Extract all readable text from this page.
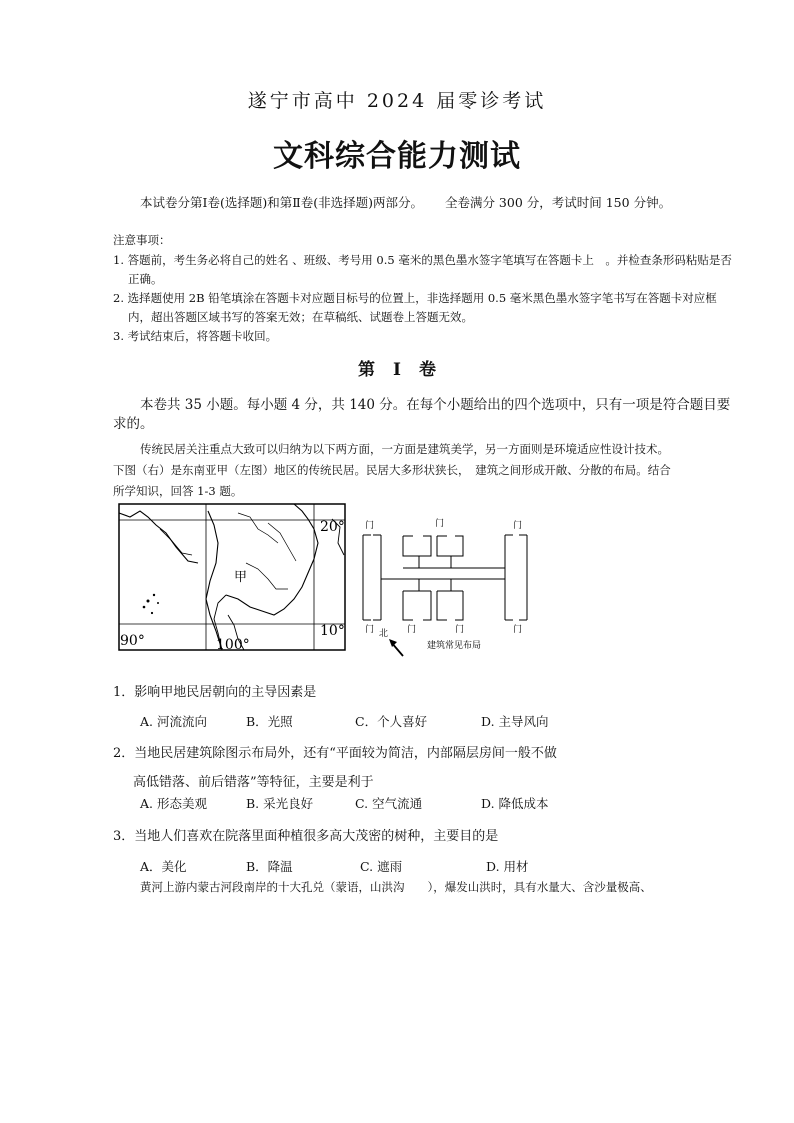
遂宁市高中 2024 届零诊考试
文科综合能力测试
本试卷分第Ⅰ卷(选择题)和第Ⅱ卷(非选择题)两部分。 全卷满分 300 分，考试时间 150 分钟。
注意事项：
1. 答题前，考生务必将自己的姓名 、班级、考号用 0.5 毫米的黑色墨水签字笔填写在答题卡上　。并检查条形码粘贴是否
正确。
2. 选择题使用 2B 铅笔填涂在答题卡对应题目标号的位置上，非选择题用 0.5 毫米黑色墨水签字笔书写在答题卡对应框
内，超出答题区域书写的答案无效；在草稿纸、试题卷上答题无效。
3. 考试结束后，将答题卡收回。
第 Ⅰ 卷
本卷共 35 小题。每小题 4 分，共 140 分。在每个小题给出的四个选项中，只有一项是符合题目要
求的。
传统民居关注重点大致可以归纳为以下两方面，一方面是建筑美学，另一方面则是环境适应性设计技术。
下图（右）是东南亚甲（左图）地区的传统民居。民居大多形状狭长，　建筑之间形成开敞、分散的布局。结合
所学知识，回答 1-3 题。
甲
20°
10°
90°	100°
门	门	门
门	门	门	门
北
建筑常见布局
1．影响甲地民居朝向的主导因素是
A. 河流流向	B．光照	C．个人喜好	D. 主导风向
2．当地民居建筑除图示布局外，还有“平面较为简洁，内部隔层房间一般不做
高低错落、前后错落”等特征，主要是利于
A. 形态美观	B. 采光良好	C. 空气流通	D. 降低成本
3．当地人们喜欢在院落里面种植很多高大茂密的树种，主要目的是
A．美化	B．降温	C. 遮雨	D. 用材
黄河上游内蒙古河段南岸的十大孔兑（蒙语，山洪沟　　），爆发山洪时，具有水量大、含沙量极高、
